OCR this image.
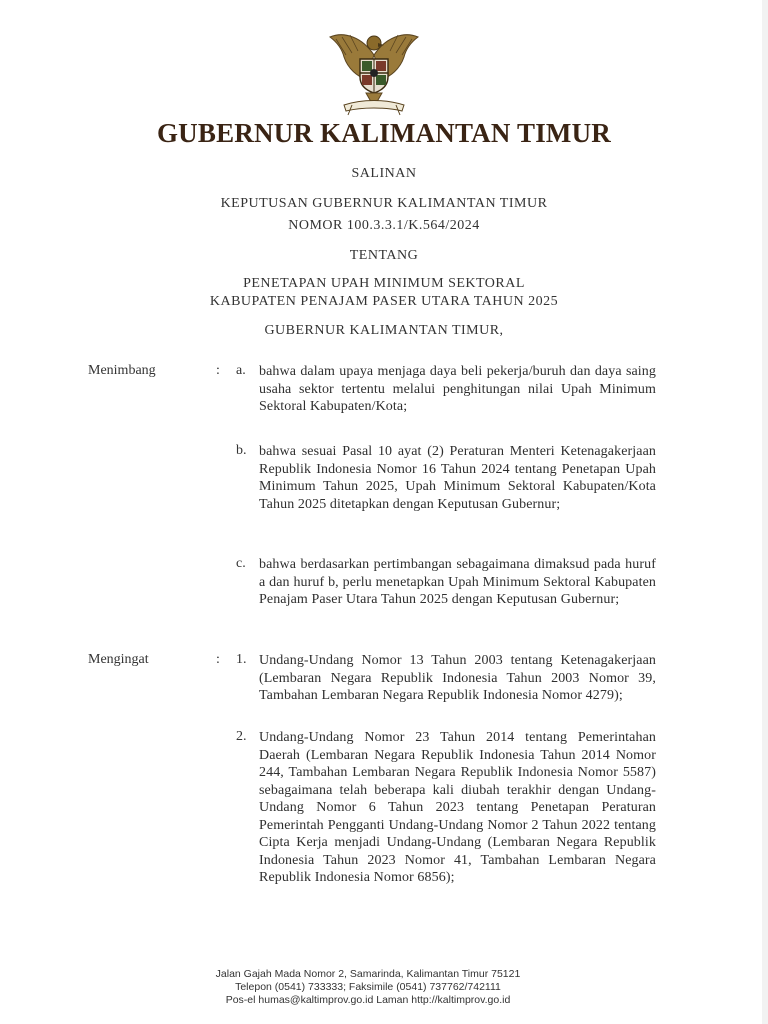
GUBERNUR KALIMANTAN TIMUR
SALINAN
KEPUTUSAN GUBERNUR KALIMANTAN TIMUR
NOMOR 100.3.3.1/K.564/2024
TENTANG
PENETAPAN UPAH MINIMUM SEKTORAL
KABUPATEN PENAJAM PASER UTARA TAHUN 2025
GUBERNUR KALIMANTAN TIMUR,
Menimbang	: a. bahwa dalam upaya menjaga daya beli pekerja/buruh dan daya saing usaha sektor tertentu melalui penghitungan nilai Upah Minimum Sektoral Kabupaten/Kota;
b. bahwa sesuai Pasal 10 ayat (2) Peraturan Menteri Ketenagakerjaan Republik Indonesia Nomor 16 Tahun 2024 tentang Penetapan Upah Minimum Tahun 2025, Upah Minimum Sektoral Kabupaten/Kota Tahun 2025 ditetapkan dengan Keputusan Gubernur;
c. bahwa berdasarkan pertimbangan sebagaimana dimaksud pada huruf a dan huruf b, perlu menetapkan Upah Minimum Sektoral Kabupaten Penajam Paser Utara Tahun 2025 dengan Keputusan Gubernur;
Mengingat	: 1. Undang-Undang Nomor 13 Tahun 2003 tentang Ketenagakerjaan (Lembaran Negara Republik Indonesia Tahun 2003 Nomor 39, Tambahan Lembaran Negara Republik Indonesia Nomor 4279);
2. Undang-Undang Nomor 23 Tahun 2014 tentang Pemerintahan Daerah (Lembaran Negara Republik Indonesia Tahun 2014 Nomor 244, Tambahan Lembaran Negara Republik Indonesia Nomor 5587) sebagaimana telah beberapa kali diubah terakhir dengan Undang-Undang Nomor 6 Tahun 2023 tentang Penetapan Peraturan Pemerintah Pengganti Undang-Undang Nomor 2 Tahun 2022 tentang Cipta Kerja menjadi Undang-Undang (Lembaran Negara Republik Indonesia Tahun 2023 Nomor 41, Tambahan Lembaran Negara Republik Indonesia Nomor 6856);
Jalan Gajah Mada Nomor 2, Samarinda, Kalimantan Timur 75121
Telepon (0541) 733333; Faksimile (0541) 737762/742111
Pos-el humas@kaltimprov.go.id Laman http://kaltimprov.go.id
